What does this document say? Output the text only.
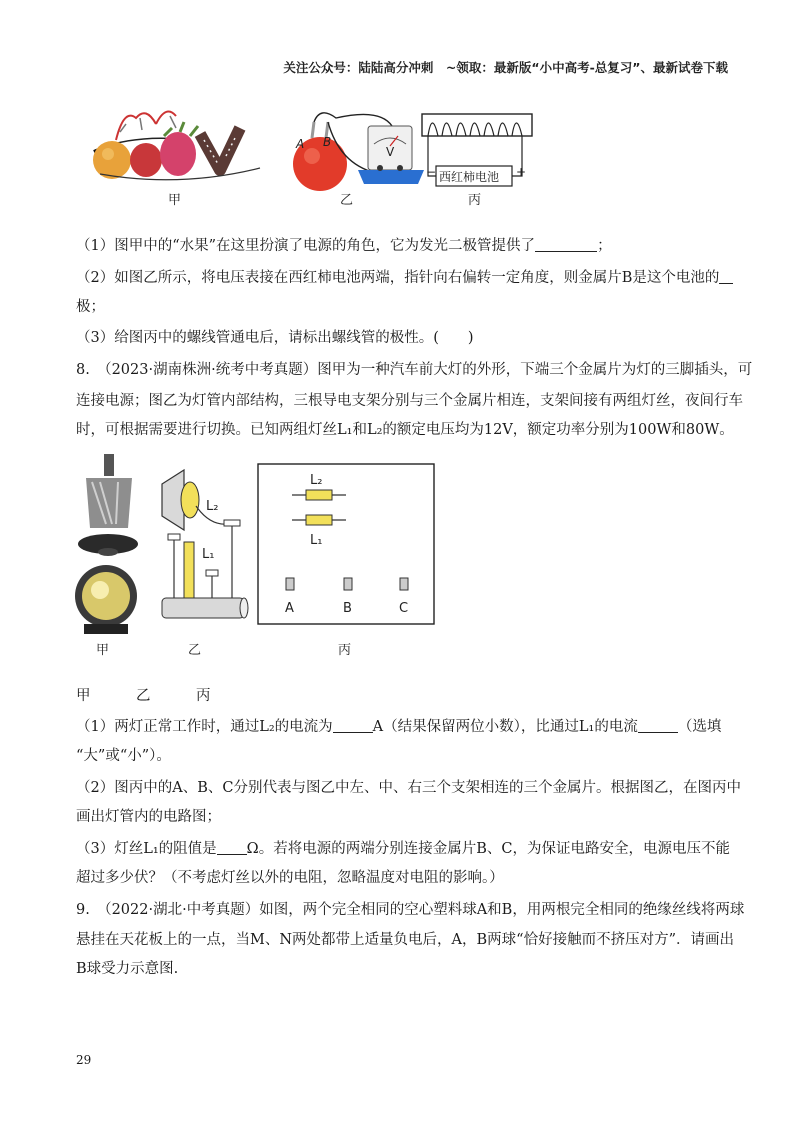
关注公众号：陆陆高分冲刺　~领取：最新版“小中高考-总复习”、最新试卷下载
甲
A B
V
乙
西红柿电池
−	+
丙
（1）图甲中的“水果”在这里扮演了电源的角色，它为发光二极管提供了	；
（2）如图乙所示，将电压表接在西红柿电池两端，指针向右偏转一定角度，则金属片B是这个电池的
极；
（3）给图丙中的螺线管通电后，请标出螺线管的极性。(　　)
8.　（2023·湖南株洲·统考中考真题）图甲为一种汽车前大灯的外形，下端三个金属片为灯的三脚插头，可
连接电源；图乙为灯管内部结构，三根导电支架分别与三个金属片相连，支架间接有两组灯丝，夜间行车
时，可根据需要进行切换。已知两组灯丝L₁和L₂的额定电压均为12V，额定功率分别为100W和80W。
甲
L₂
L₁
乙
L₂
L₁
A	B	C
丙
甲	乙	丙
（1）两灯正常工作时，通过L₂的电流为	A（结果保留两位小数），比通过L₁的电流	（选填
“大”或“小”）。
（2）图丙中的A、B、C分别代表与图乙中左、中、右三个支架相连的三个金属片。根据图乙，在图丙中
画出灯管内的电路图；
（3）灯丝L₁的阻值是 Ω。若将电源的两端分别连接金属片B、C，为保证电路安全，电源电压不能
超过多少伏？（不考虑灯丝以外的电阻，忽略温度对电阻的影响。）
9.　（2022·湖北·中考真题）如图，两个完全相同的空心塑料球A和B，用两根完全相同的绝缘丝线将两球
悬挂在天花板上的一点，当M、N两处都带上适量负电后，A，B两球“恰好接触而不挤压对方”．请画出
B球受力示意图.
29
